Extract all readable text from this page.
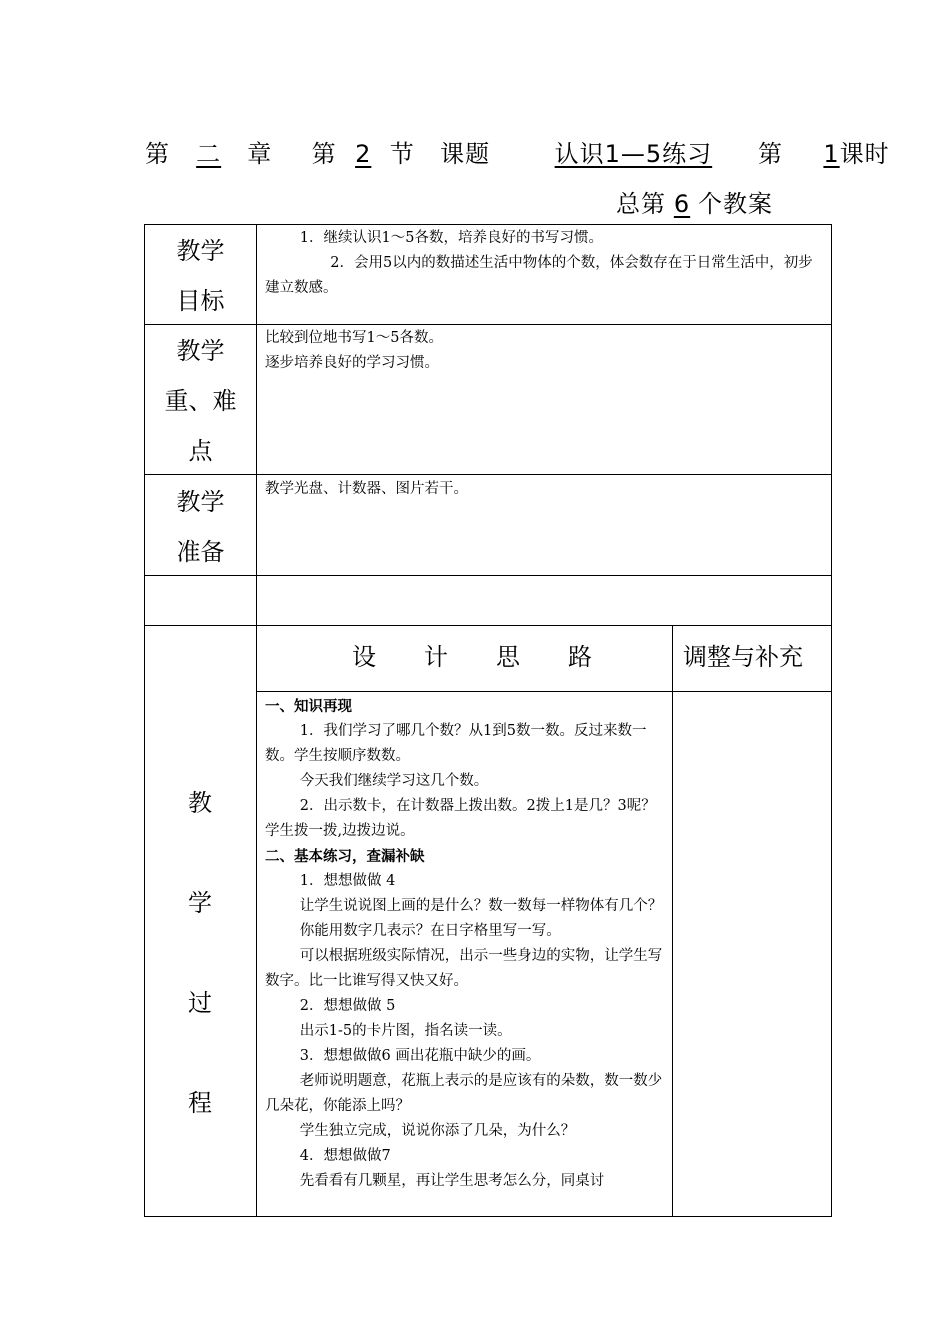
第 二 章 第 2 节 课题	认识1—5练习 第 1课时
总第 6 个教案
教学
目标

1．继续认识1～5各数，培养良好的书写习惯。

2．会用5以内的数描述生活中物体的个数，体会数存在于日常生活中，初步建立数感。

教学
重、难
点

比较到位地书写1～5各数。

逐步培养良好的学习习惯。

教学
准备

教学光盘、计数器、图片若干。

教
学
过
程
设　　计　　思　　路	调整与补充

一、知识再现

1．我们学习了哪几个数？从1到5数一数。反过来数一数。学生按顺序数数。

今天我们继续学习这几个数。

2．出示数卡，在计数器上拨出数。2拨上1是几？3呢？学生拨一拨,边拨边说。

二、基本练习，查漏补缺

1．想想做做 4

让学生说说图上画的是什么？数一数每一样物体有几个？

你能用数字几表示？在日字格里写一写。

可以根据班级实际情况，出示一些身边的实物，让学生写数字。比一比谁写得又快又好。

2．想想做做 5

出示1-5的卡片图，指名读一读。

3．想想做做6 画出花瓶中缺少的画。

老师说明题意，花瓶上表示的是应该有的朵数，数一数少几朵花，你能添上吗？

学生独立完成，说说你添了几朵，为什么？

4．想想做做7

先看看有几颗星，再让学生思考怎么分，同桌讨
